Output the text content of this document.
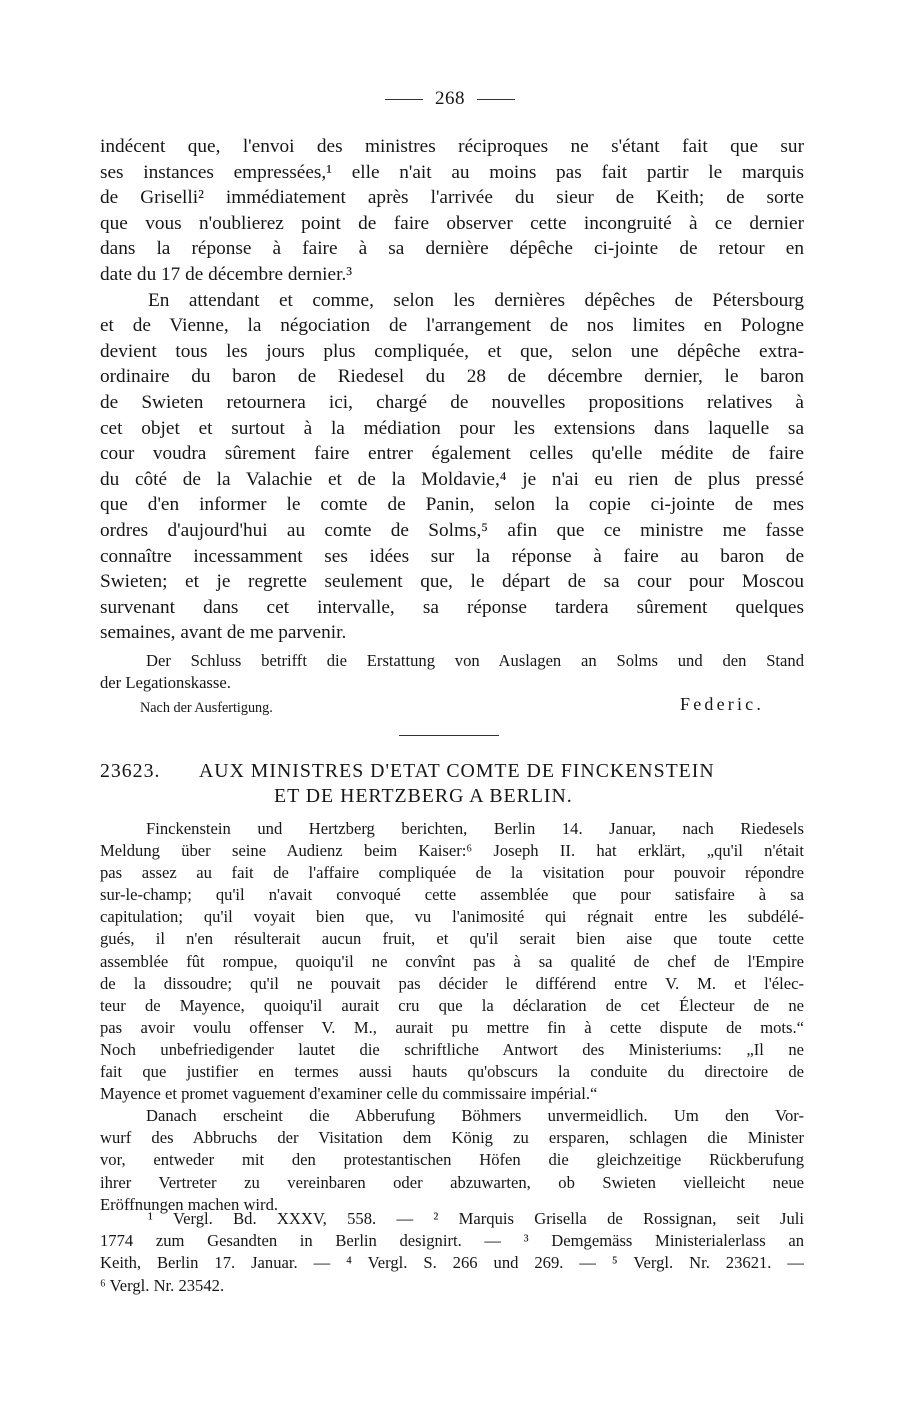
268
indécent que, l'envoi des ministres réciproques ne s'étant fait que sur
ses instances empressées,¹ elle n'ait au moins pas fait partir le marquis
de Griselli² immédiatement après l'arrivée du sieur de Keith; de sorte
que vous n'oublierez point de faire observer cette incongruité à ce dernier
dans la réponse à faire à sa dernière dépêche ci-jointe de retour en
date du 17 de décembre dernier.³
En attendant et comme, selon les dernières dépêches de Pétersbourg
et de Vienne, la négociation de l'arrangement de nos limites en Pologne
devient tous les jours plus compliquée, et que, selon une dépêche extra-
ordinaire du baron de Riedesel du 28 de décembre dernier, le baron
de Swieten retournera ici, chargé de nouvelles propositions relatives à
cet objet et surtout à la médiation pour les extensions dans laquelle sa
cour voudra sûrement faire entrer également celles qu'elle médite de faire
du côté de la Valachie et de la Moldavie,⁴ je n'ai eu rien de plus pressé
que d'en informer le comte de Panin, selon la copie ci-jointe de mes
ordres d'aujourd'hui au comte de Solms,⁵ afin que ce ministre me fasse
connaître incessamment ses idées sur la réponse à faire au baron de
Swieten; et je regrette seulement que, le départ de sa cour pour Moscou
survenant dans cet intervalle, sa réponse tardera sûrement quelques
semaines, avant de me parvenir.
Der Schluss betrifft die Erstattung von Auslagen an Solms und den Stand
der Legationskasse.
Nach der Ausfertigung.	Federic.
23623. AUX MINISTRES D'ETAT COMTE DE FINCKENSTEIN
ET DE HERTZBERG A BERLIN.
Finckenstein und Hertzberg berichten, Berlin 14. Januar, nach Riedesels
Meldung über seine Audienz beim Kaiser:⁶ Joseph II. hat erklärt, „qu'il n'était
pas assez au fait de l'affaire compliquée de la visitation pour pouvoir répondre
sur-le-champ; qu'il n'avait convoqué cette assemblée que pour satisfaire à sa
capitulation; qu'il voyait bien que, vu l'animosité qui régnait entre les subdélé-
gués, il n'en résulterait aucun fruit, et qu'il serait bien aise que toute cette
assemblée fût rompue, quoiqu'il ne convînt pas à sa qualité de chef de l'Empire
de la dissoudre; qu'il ne pouvait pas décider le différend entre V. M. et l'élec-
teur de Mayence, quoiqu'il aurait cru que la déclaration de cet Électeur de ne
pas avoir voulu offenser V. M., aurait pu mettre fin à cette dispute de mots.“
Noch unbefriedigender lautet die schriftliche Antwort des Ministeriums: „Il ne
fait que justifier en termes aussi hauts qu'obscurs la conduite du directoire de
Mayence et promet vaguement d'examiner celle du commissaire impérial.“
Danach erscheint die Abberufung Böhmers unvermeidlich. Um den Vor-
wurf des Abbruchs der Visitation dem König zu ersparen, schlagen die Minister
vor, entweder mit den protestantischen Höfen die gleichzeitige Rückberufung
ihrer Vertreter zu vereinbaren oder abzuwarten, ob Swieten vielleicht neue
Eröffnungen machen wird.
¹ Vergl. Bd. XXXV, 558. — ² Marquis Grisella de Rossignan, seit Juli
1774 zum Gesandten in Berlin designirt. — ³ Demgemäss Ministerialerlass an
Keith, Berlin 17. Januar. — ⁴ Vergl. S. 266 und 269. — ⁵ Vergl. Nr. 23621. —
⁶ Vergl. Nr. 23542.
